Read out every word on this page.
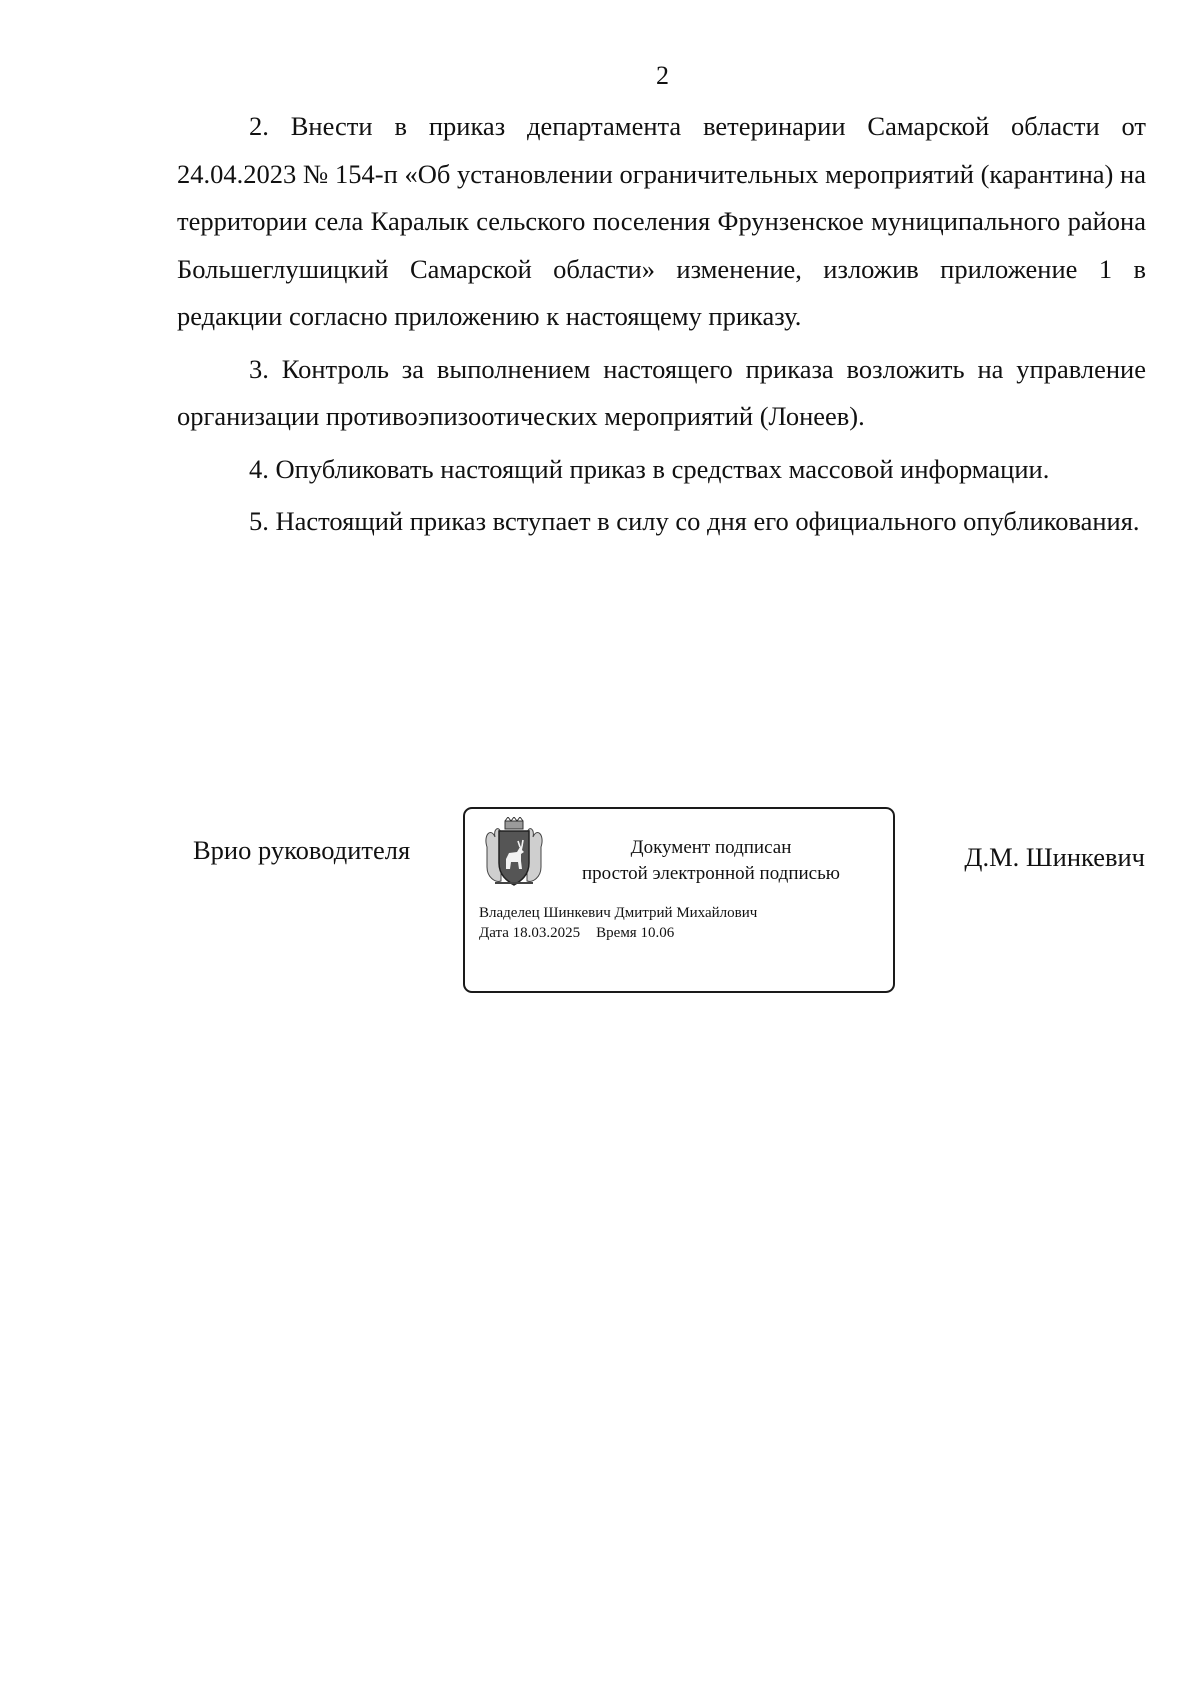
2

2. Внести в приказ департамента ветеринарии Самарской области от 24.04.2023 № 154-п «Об установлении ограничительных мероприятий (карантина) на территории села Каралык сельского поселения Фрунзенское муниципального района Большеглушицкий Самарской области» изменение, изложив приложение 1 в редакции согласно приложению к настоящему приказу.

3. Контроль за выполнением настоящего приказа возложить на управление организации противоэпизоотических мероприятий (Лонеев).

4. Опубликовать настоящий приказ в средствах массовой информации.

5. Настоящий приказ вступает в силу со дня его официального опубликования.

Врио руководителя	Документ подписан
простой электронной подписью
Владелец Шинкевич Дмитрий Михайлович
Дата 18.03.2025 Время 10.06
Д.М. Шинкевич
